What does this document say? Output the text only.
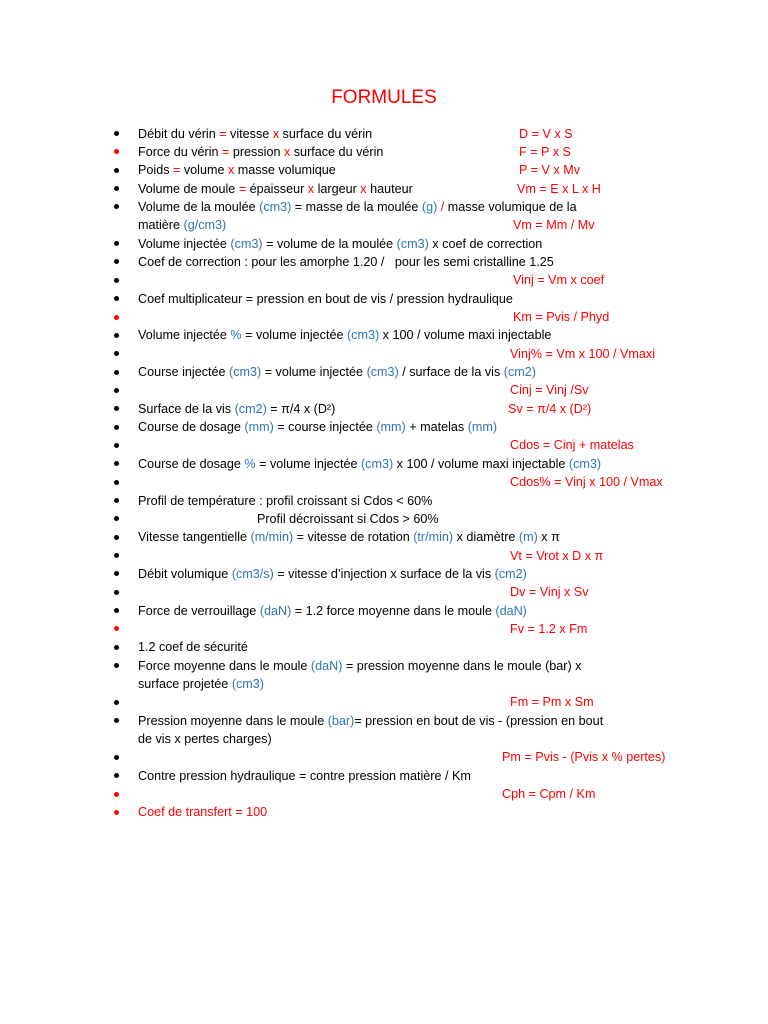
FORMULES
Débit du vérin = vitesse x surface du vérin	D = V x S
Force du vérin = pression x surface du vérin	F = P x S
Poids = volume x masse volumique	P = V x Mv
Volume de moule = épaisseur x largeur x hauteur	Vm = E x L x H
Volume de la moulée (cm3) = masse de la moulée (g) / masse volumique de la
matière (g/cm3)	Vm = Mm / Mv
Volume injectée (cm3) = volume de la moulée (cm3) x coef de correction
Coef de correction : pour les amorphe 1.20 /   pour les semi cristalline 1.25
Vinj = Vm x coef
Coef multiplicateur = pression en bout de vis / pression hydraulique
Km = Pvis / Phyd
Volume injectée % = volume injectée (cm3) x 100 / volume maxi injectable
Vinj% = Vm x 100 / Vmaxi
Course injectée (cm3) = volume injectée (cm3) / surface de la vis (cm2)
Cinj = Vinj /Sv
Surface de la vis (cm2) = π/4 x (D²)	Sv = π/4 x (D²)
Course de dosage (mm) = course injectée (mm) + matelas (mm)
Cdos = Cinj + matelas
Course de dosage % = volume injectée (cm3) x 100 / volume maxi injectable (cm3)
Cdos% = Vinj x 100 / Vmax
Profil de température : profil croissant si Cdos < 60%
Profil décroissant si Cdos > 60%
Vitesse tangentielle (m/min) = vitesse de rotation (tr/min) x diamètre (m) x π
Vt = Vrot x D x π
Débit volumique (cm3/s) = vitesse d’injection x surface de la vis (cm2)
Dv = Vinj x Sv
Force de verrouillage (daN) = 1.2 force moyenne dans le moule (daN)
Fv = 1.2 x Fm
1.2 coef de sécurité
Force moyenne dans le moule (daN) = pression moyenne dans le moule (bar) x
surface projetée (cm3)
Fm = Pm x Sm
Pression moyenne dans le moule (bar)= pression en bout de vis - (pression en bout
de vis x pertes charges)
Pm = Pvis - (Pvis x % pertes)
Contre pression hydraulique = contre pression matière / Km
Cph = Cpm / Km
Coef de transfert = 100
